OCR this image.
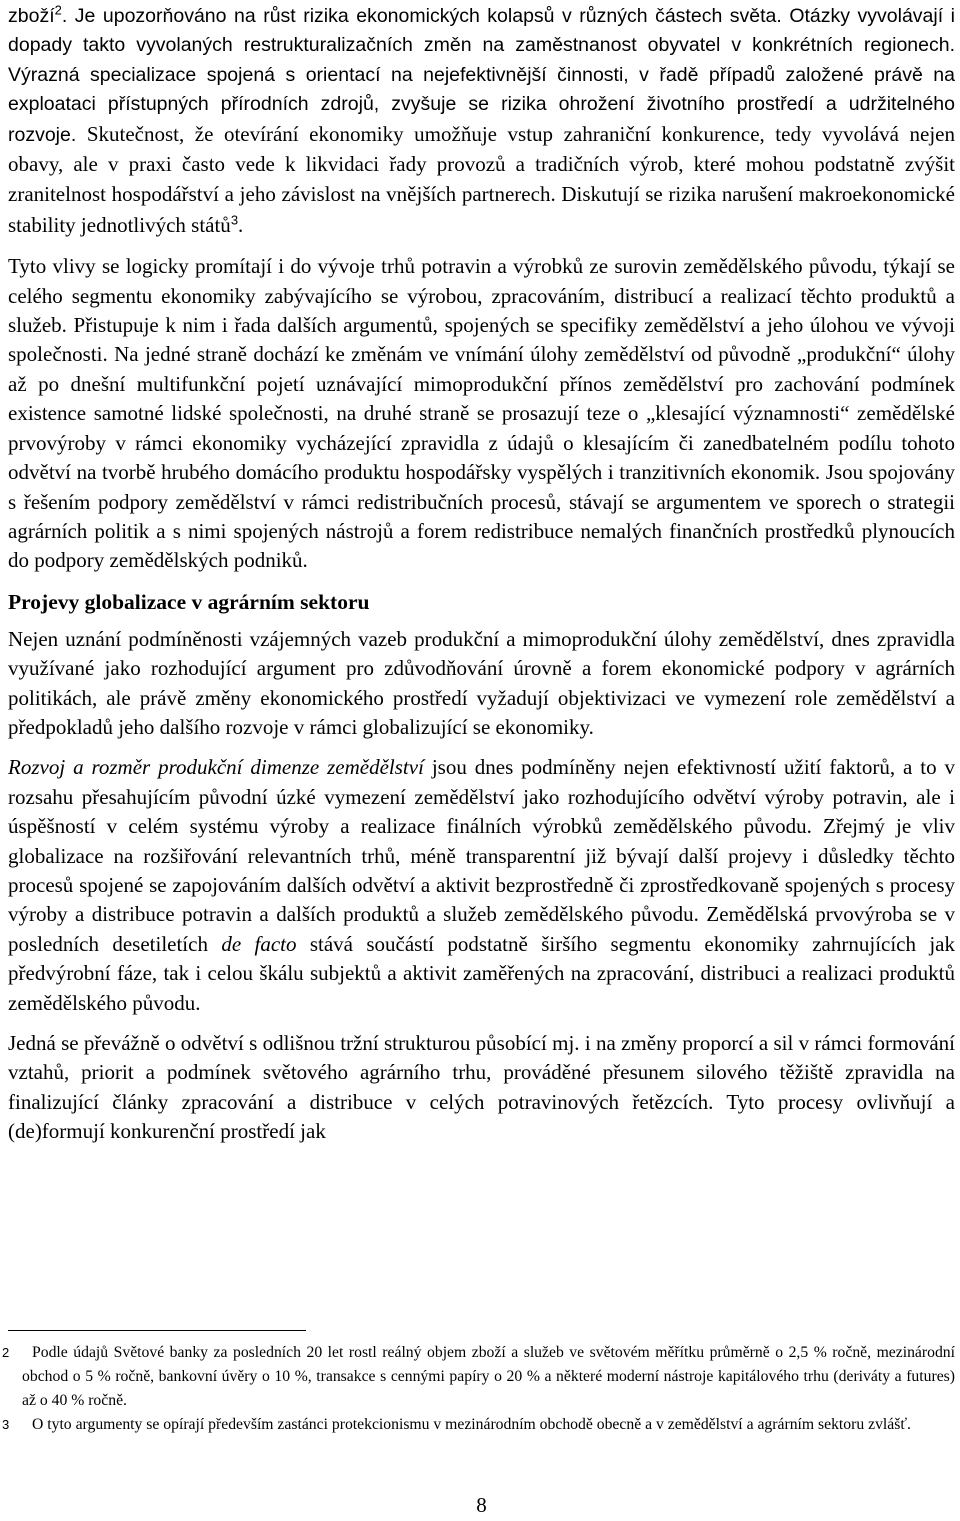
zboží$^2$. Je upozorňováno na růst rizika ekonomických kolapsů v různých částech světa. Otázky vyvolávají i dopady takto vyvolaných restrukturalizačních změn na zaměstnanost obyvatel v konkrétních regionech. Výrazná specializace spojená s orientací na nejefektivnější činnosti, v řadě případů založené právě na exploataci přístupných přírodních zdrojů, zvyšuje se rizika ohrožení životního prostředí a udržitelného rozvoje. Skutečnost, že otevírání ekonomiky umožňuje vstup zahraniční konkurence, tedy vyvolává nejen obavy, ale v praxi často vede k likvidaci řady provozů a tradičních výrob, které mohou podstatně zvýšit zranitelnost hospodářství a jeho závislost na vnějších partnerech. Diskutují se rizika narušení makroekonomické stability jednotlivých států$^3$.

Tyto vlivy se logicky promítají i do vývoje trhů potravin a výrobků ze surovin zemědělského původu, týkají se celého segmentu ekonomiky zabývajícího se výrobou, zpracováním, distribucí a realizací těchto produktů a služeb. Přistupuje k nim i řada dalších argumentů, spojených se specifiky zemědělství a jeho úlohou ve vývoji společnosti. Na jedné straně dochází ke změnám ve vnímání úlohy zemědělství od původně „produkční“ úlohy až po dnešní multifunkční pojetí uznávající mimoprodukční přínos zemědělství pro zachování podmínek existence samotné lidské společnosti, na druhé straně se prosazují teze o „klesající významnosti“ zemědělské prvovýroby v rámci ekonomiky vycházející zpravidla z údajů o klesajícím či zanedbatelném podílu tohoto odvětví na tvorbě hrubého domácího produktu hospodářsky vyspělých i tranzitivních ekonomik. Jsou spojovány s řešením podpory zemědělství v rámci redistribučních procesů, stávají se argumentem ve sporech o strategii agrárních politik a s nimi spojených nástrojů a forem redistribuce nemalých finančních prostředků plynoucích do podpory zemědělských podniků.

Projevy globalizace v agrárním sektoru

Nejen uznání podmíněnosti vzájemných vazeb produkční a mimoprodukční úlohy zemědělství, dnes zpravidla využívané jako rozhodující argument pro zdůvodňování úrovně a forem ekonomické podpory v agrárních politikách, ale právě změny ekonomického prostředí vyžadují objektivizaci ve vymezení role zemědělství a předpokladů jeho dalšího rozvoje v rámci globalizující se ekonomiky.

Rozvoj a rozměr produkční dimenze zemědělství jsou dnes podmíněny nejen efektivností užití faktorů, a to v rozsahu přesahujícím původní úzké vymezení zemědělství jako rozhodujícího odvětví výroby potravin, ale i úspěšností v celém systému výroby a realizace finálních výrobků zemědělského původu. Zřejmý je vliv globalizace na rozšiřování relevantních trhů, méně transparentní již bývají další projevy i důsledky těchto procesů spojené se zapojováním dalších odvětví a aktivit bezprostředně či zprostředkovaně spojených s procesy výroby a distribuce potravin a dalších produktů a služeb zemědělského původu. Zemědělská prvovýroba se v posledních desetiletích de facto stává součástí podstatně širšího segmentu ekonomiky zahrnujících jak předvýrobní fáze, tak i celou škálu subjektů a aktivit zaměřených na zpracování, distribuci a realizaci produktů zemědělského původu.

Jedná se převážně o odvětví s odlišnou tržní strukturou působící mj. i na změny proporcí a sil v rámci formování vztahů, priorit a podmínek světového agrárního trhu, prováděné přesunem silového těžiště zpravidla na finalizující články zpracování a distribuce v celých potravinových řetězcích. Tyto procesy ovlivňují a (de)formují konkurenční prostředí jak

2 Podle údajů Světové banky za posledních 20 let rostl reálný objem zboží a služeb ve světovém měřítku průměrně o 2,5 % ročně, mezinárodní obchod o 5 % ročně, bankovní úvěry o 10 %, transakce s cennými papíry o 20 % a některé moderní nástroje kapitálového trhu (deriváty a futures) až o 40 % ročně.
3 O tyto argumenty se opírají především zastánci protekcionismu v mezinárodním obchodě obecně a v zemědělství a agrárním sektoru zvlášť.
8
